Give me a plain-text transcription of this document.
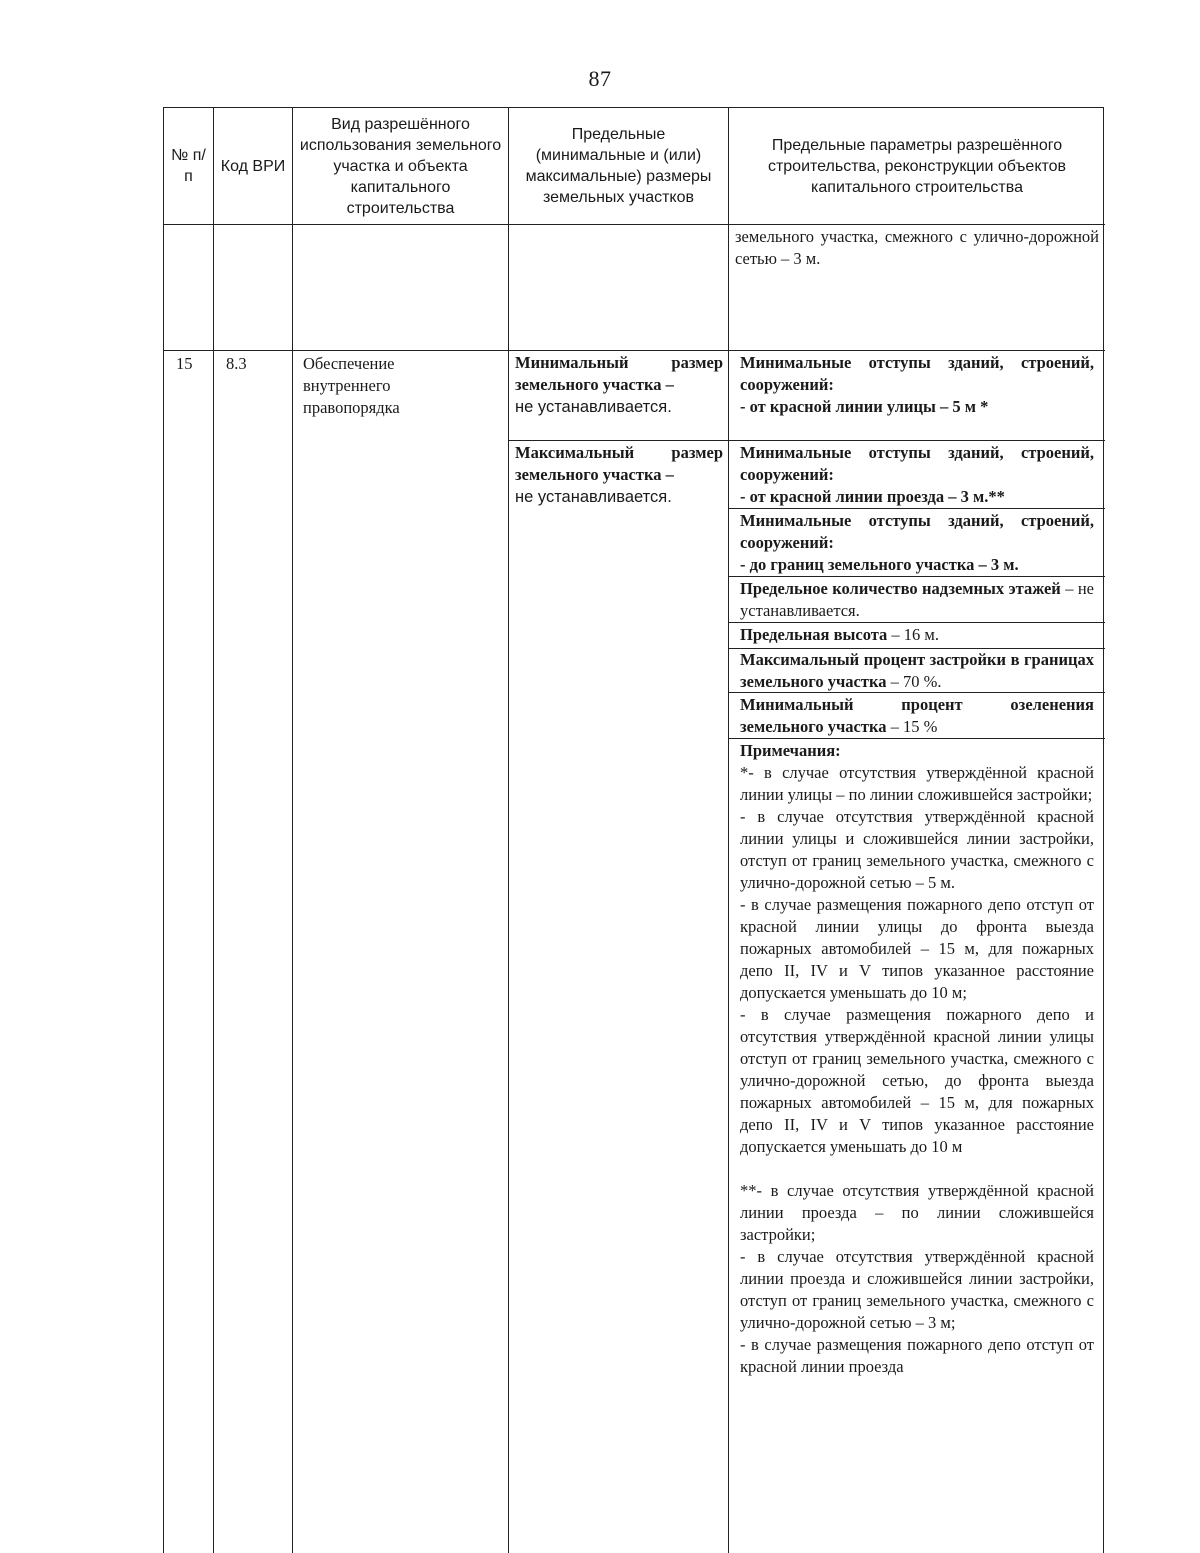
87
№ п/п
Код ВРИ
Вид разрешённого использования земельного участка и объекта капитального строительства
Предельные (минимальные и (или) максимальные) размеры земельных участков
Предельные параметры разрешённого строительства, реконструкции объектов капитального строительства
земельного участка, смежного с улично-дорожной сетью – 3 м.
15	8.3	Обеспечение внутреннего правопорядка

Минимальный размер земельного участка –

не устанавливается.

Максимальный размер земельного участка –

не устанавливается.

Минимальные отступы зданий, строений, сооружений:

- от красной линии улицы – 5 м *

Минимальные отступы зданий, строений, сооружений:

- от красной линии проезда – 3 м.**

Минимальные отступы зданий, строений, сооружений:

- до границ земельного участка – 3 м.

Предельное количество надземных этажей – не устанавливается.
Предельная высота – 16 м.
Максимальный процент застройки в границах земельного участка – 70 %.
Минимальный процент озеленения земельного участка – 15 %

Примечания:

*- в случае отсутствия утверждённой красной линии улицы – по линии сложившейся застройки;

- в случае отсутствия утверждённой красной линии улицы и сложившейся линии застройки, отступ от границ земельного участка, смежного с улично-дорожной сетью – 5 м.

- в случае размещения пожарного депо отступ от красной линии улицы до фронта выезда пожарных автомобилей – 15 м, для пожарных депо II, IV и V типов указанное расстояние допускается уменьшать до 10 м;

- в случае размещения пожарного депо и отсутствия утверждённой красной линии улицы отступ от границ земельного участка, смежного с улично-дорожной сетью, до фронта выезда пожарных автомобилей – 15 м, для пожарных депо II, IV и V типов указанное расстояние допускается уменьшать до 10 м

**- в случае отсутствия утверждённой красной линии проезда – по линии сложившейся застройки;

- в случае отсутствия утверждённой красной линии проезда и сложившейся линии застройки, отступ от границ земельного участка, смежного с улично-дорожной сетью – 3 м;

- в случае размещения пожарного депо отступ от красной линии проезда
